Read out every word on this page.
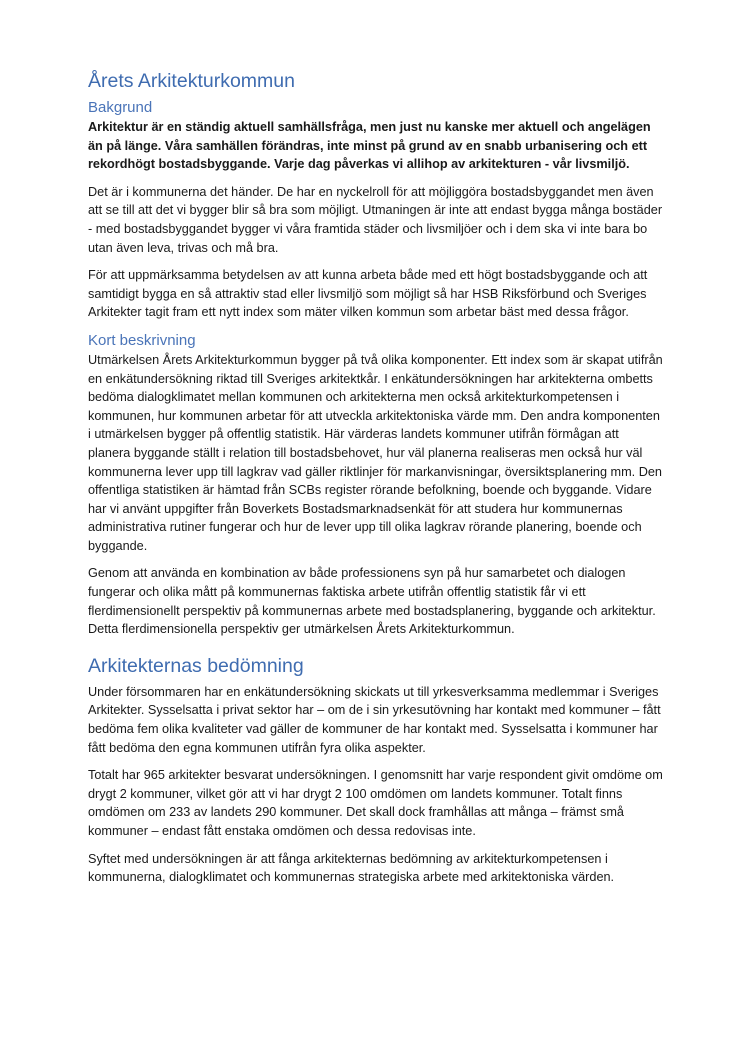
Årets Arkitekturkommun
Bakgrund

Arkitektur är en ständig aktuell samhällsfråga, men just nu kanske mer aktuell och angelägen än på länge. Våra samhällen förändras, inte minst på grund av en snabb urbanisering och ett rekordhögt bostadsbyggande. Varje dag påverkas vi allihop av arkitekturen - vår livsmiljö.

Det är i kommunerna det händer. De har en nyckelroll för att möjliggöra bostadsbyggandet men även att se till att det vi bygger blir så bra som möjligt. Utmaningen är inte att endast bygga många bostäder - med bostadsbyggandet bygger vi våra framtida städer och livsmiljöer och i dem ska vi inte bara bo utan även leva, trivas och må bra.

För att uppmärksamma betydelsen av att kunna arbeta både med ett högt bostadsbyggande och att samtidigt bygga en så attraktiv stad eller livsmiljö som möjligt så har HSB Riksförbund och Sveriges Arkitekter tagit fram ett nytt index som mäter vilken kommun som arbetar bäst med dessa frågor.

Kort beskrivning

Utmärkelsen Årets Arkitekturkommun bygger på två olika komponenter. Ett index som är skapat utifrån en enkätundersökning riktad till Sveriges arkitektkår. I enkätundersökningen har arkitekterna ombetts bedöma dialogklimatet mellan kommunen och arkitekterna men också arkitekturkompetensen i kommunen, hur kommunen arbetar för att utveckla arkitektoniska värde mm. Den andra komponenten i utmärkelsen bygger på offentlig statistik. Här värderas landets kommuner utifrån förmågan att planera byggande ställt i relation till bostadsbehovet, hur väl planerna realiseras men också hur väl kommunerna lever upp till lagkrav vad gäller riktlinjer för markanvisningar, översiktsplanering mm. Den offentliga statistiken är hämtad från SCBs register rörande befolkning, boende och byggande. Vidare har vi använt uppgifter från Boverkets Bostadsmarknadsenkät för att studera hur kommunernas administrativa rutiner fungerar och hur de lever upp till olika lagkrav rörande planering, boende och byggande.

Genom att använda en kombination av både professionens syn på hur samarbetet och dialogen fungerar och olika mått på kommunernas faktiska arbete utifrån offentlig statistik får vi ett flerdimensionellt perspektiv på kommunernas arbete med bostadsplanering, byggande och arkitektur. Detta flerdimensionella perspektiv ger utmärkelsen Årets Arkitekturkommun.

Arkitekternas bedömning

Under försommaren har en enkätundersökning skickats ut till yrkesverksamma medlemmar i Sveriges Arkitekter. Sysselsatta i privat sektor har – om de i sin yrkesutövning har kontakt med kommuner – fått bedöma fem olika kvaliteter vad gäller de kommuner de har kontakt med. Sysselsatta i kommuner har fått bedöma den egna kommunen utifrån fyra olika aspekter.

Totalt har 965 arkitekter besvarat undersökningen. I genomsnitt har varje respondent givit omdöme om drygt 2 kommuner, vilket gör att vi har drygt 2 100 omdömen om landets kommuner. Totalt finns omdömen om 233 av landets 290 kommuner. Det skall dock framhållas att många – främst små kommuner – endast fått enstaka omdömen och dessa redovisas inte.

Syftet med undersökningen är att fånga arkitekternas bedömning av arkitekturkompetensen i kommunerna, dialogklimatet och kommunernas strategiska arbete med arkitektoniska värden.
